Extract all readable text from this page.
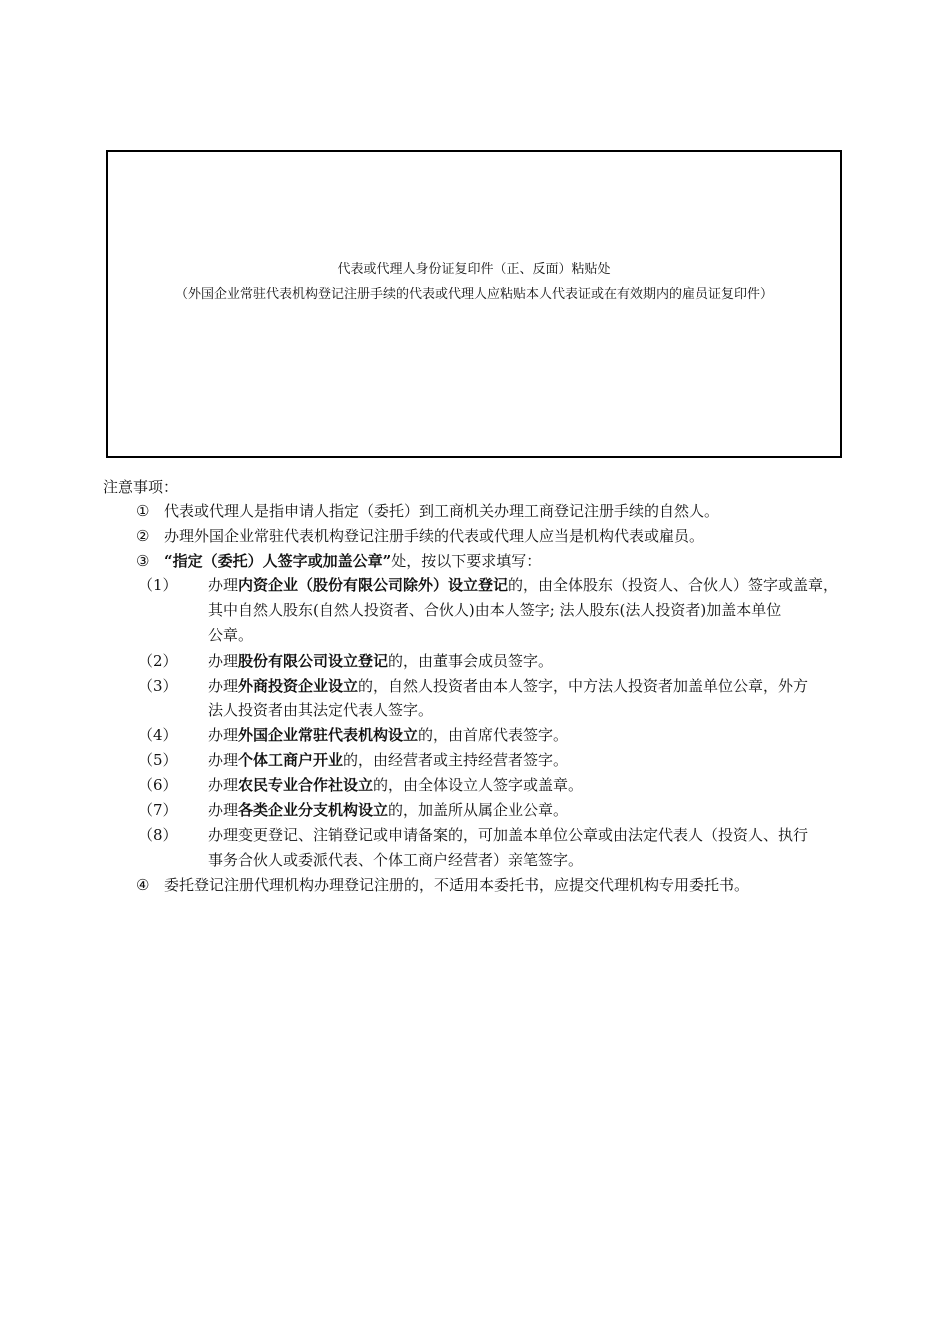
代表或代理人身份证复印件（正、反面）粘贴处
（外国企业常驻代表机构登记注册手续的代表或代理人应粘贴本人代表证或在有效期内的雇员证复印件）
注意事项：
① 代表或代理人是指申请人指定（委托）到工商机关办理工商登记注册手续的自然人。
② 办理外国企业常驻代表机构登记注册手续的代表或代理人应当是机构代表或雇员。
③ “指定（委托）人签字或加盖公章”处，按以下要求填写：
（1） 办理内资企业（股份有限公司除外）设立登记的，由全体股东（投资人、合伙人）签字或盖章，
其中自然人股东(自然人投资者、合伙人)由本人签字; 法人股东(法人投资者)加盖本单位
公章。
（2） 办理股份有限公司设立登记的，由董事会成员签字。
（3） 办理外商投资企业设立的，自然人投资者由本人签字，中方法人投资者加盖单位公章，外方
法人投资者由其法定代表人签字。
（4） 办理外国企业常驻代表机构设立的，由首席代表签字。
（5） 办理个体工商户开业的，由经营者或主持经营者签字。
（6） 办理农民专业合作社设立的，由全体设立人签字或盖章。
（7） 办理各类企业分支机构设立的，加盖所从属企业公章。
（8） 办理变更登记、注销登记或申请备案的，可加盖本单位公章或由法定代表人（投资人、执行
事务合伙人或委派代表、个体工商户经营者）亲笔签字。
④ 委托登记注册代理机构办理登记注册的，不适用本委托书，应提交代理机构专用委托书。
